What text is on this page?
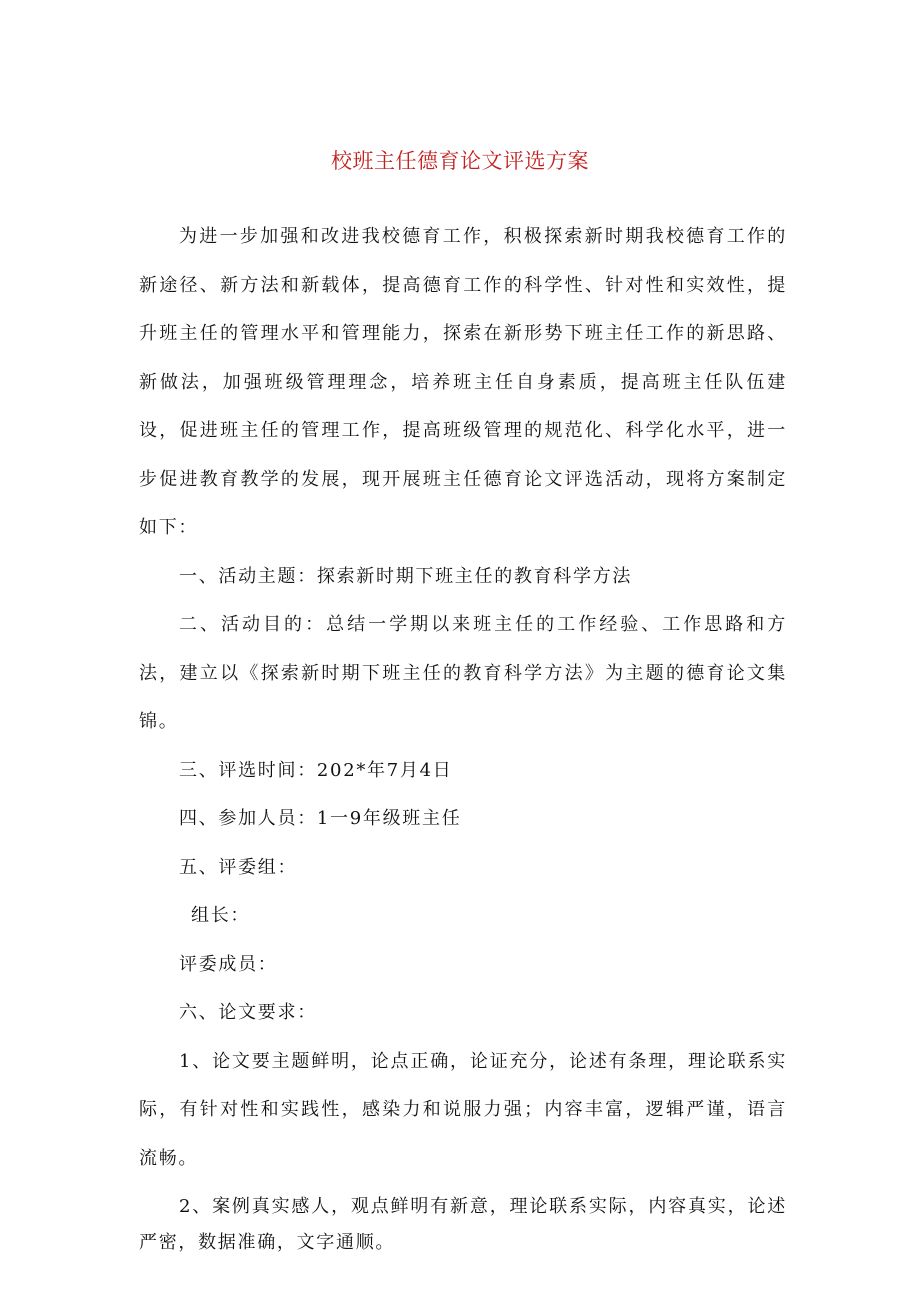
校班主任德育论文评选方案

为进一步加强和改进我校德育工作，积极探索新时期我校德育工作的新途径、新方法和新载体，提高德育工作的科学性、针对性和实效性，提升班主任的管理水平和管理能力，探索在新形势下班主任工作的新思路、新做法，加强班级管理理念，培养班主任自身素质，提高班主任队伍建设，促进班主任的管理工作，提高班级管理的规范化、科学化水平，进一步促进教育教学的发展，现开展班主任德育论文评选活动，现将方案制定如下：

一、活动主题：探索新时期下班主任的教育科学方法

二、活动目的：总结一学期以来班主任的工作经验、工作思路和方法，建立以《探索新时期下班主任的教育科学方法》为主题的德育论文集锦。

三、评选时间：202*年7月4日

四、参加人员：1一9年级班主任

五、评委组：

组长：

评委成员：

六、论文要求：

1、论文要主题鲜明，论点正确，论证充分，论述有条理，理论联系实际，有针对性和实践性，感染力和说服力强；内容丰富，逻辑严谨，语言流畅。

2、案例真实感人，观点鲜明有新意，理论联系实际，内容真实，论述严密，数据准确，文字通顺。
